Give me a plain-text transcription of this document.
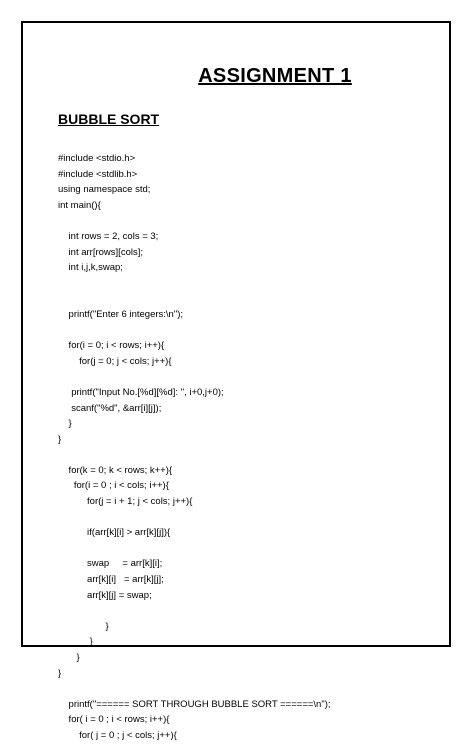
ASSIGNMENT 1
BUBBLE SORT
#include <stdio.h>
#include <stdlib.h>
using namespace std;
int main(){
int rows = 2, cols = 3;
int arr[rows][cols];
int i,j,k,swap;
printf("Enter 6 integers:\n");
for(i = 0; i < rows; i++){
for(j = 0; j < cols; j++){
printf("Input No.[%d][%d]: ", i+0,j+0);
scanf("%d", &arr[i][j]);
}
}
for(k = 0; k < rows; k++){
for(i = 0 ; i < cols; i++){
for(j = i + 1; j < cols; j++){
if(arr[k][i] > arr[k][j]){
swap     = arr[k][i];
arr[k][i]   = arr[k][j];
arr[k][j] = swap;
}
}
}
}
printf("====== SORT THROUGH BUBBLE SORT ======\n");
for( i = 0 ; i < rows; i++){
for( j = 0 ; j < cols; j++){
